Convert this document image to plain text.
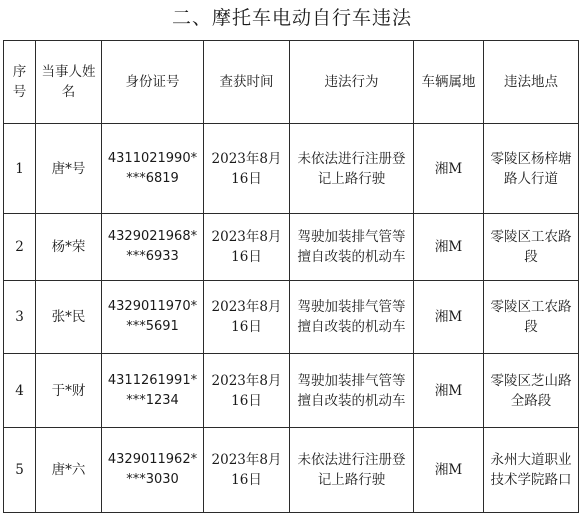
二、摩托车电动自行车违法
序号	当事人姓名	身份证号	查获时间	违法行为	车辆属地	违法地点
1	唐*号	4311021990****6819	2023年8月16日	未依法进行注册登记上路行驶	湘M	零陵区杨梓塘路人行道
2	杨*荣	4329021968****6933	2023年8月16日	驾驶加装排气管等擅自改装的机动车	湘M	零陵区工农路段
3	张*民	4329011970****5691	2023年8月16日	驾驶加装排气管等擅自改装的机动车	湘M	零陵区工农路段
4	于*财	4311261991****1234	2023年8月16日	驾驶加装排气管等擅自改装的机动车	湘M	零陵区芝山路全路段
5	唐*六	4329011962****3030	2023年8月16日	未依法进行注册登记上路行驶	湘M	永州大道职业技术学院路口
